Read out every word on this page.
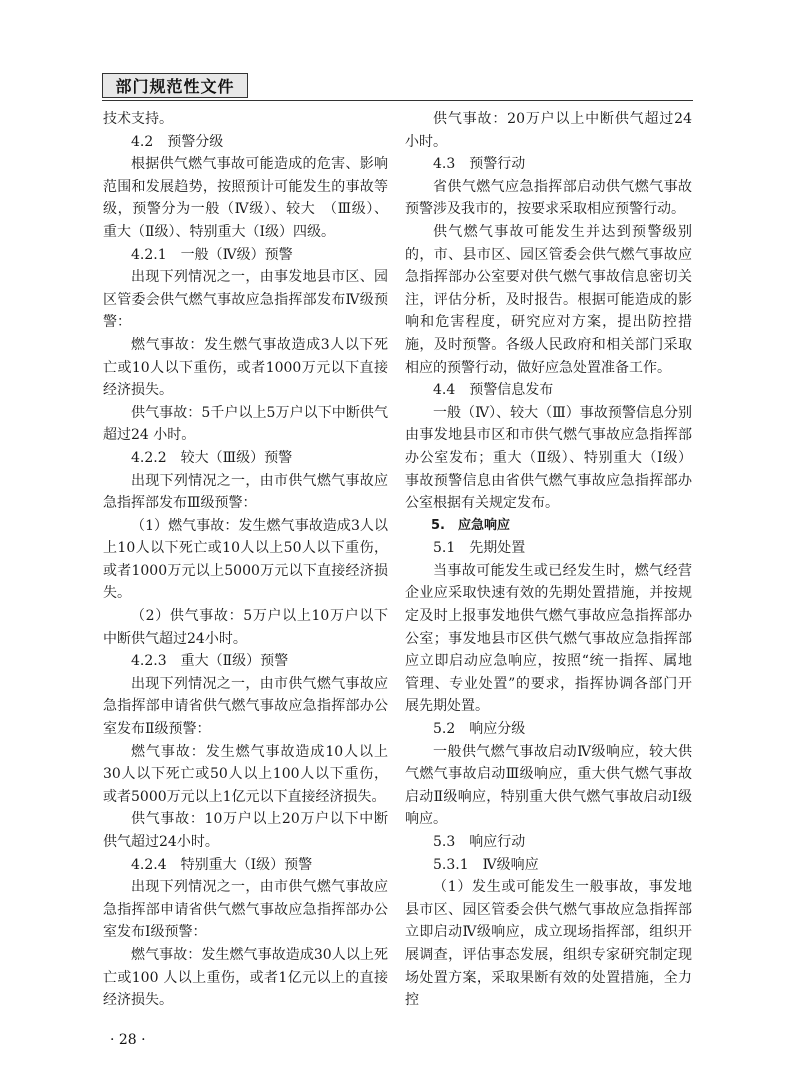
部门规范性文件

技术支持。

4.2　预警分级

根据供气燃气事故可能造成的危害、影响范围和发展趋势，按照预计可能发生的事故等级，预警分为一般（Ⅳ级）、较大　（Ⅲ级）、重大（Ⅱ级）、特别重大（Ⅰ级）四级。

4.2.1　一般（Ⅳ级）预警

出现下列情况之一，由事发地县市区、园区管委会供气燃气事故应急指挥部发布Ⅳ级预警：

燃气事故：发生燃气事故造成3人以下死亡或10人以下重伤，或者1000万元以下直接经济损失。

供气事故：5千户以上5万户以下中断供气超过24 小时。

4.2.2　较大（Ⅲ级）预警

出现下列情况之一，由市供气燃气事故应急指挥部发布Ⅲ级预警：

（1）燃气事故：发生燃气事故造成3人以上10人以下死亡或10人以上50人以下重伤，或者1000万元以上5000万元以下直接经济损失。

（2）供气事故：5万户以上10万户以下中断供气超过24小时。

4.2.3　重大（Ⅱ级）预警

出现下列情况之一，由市供气燃气事故应急指挥部申请省供气燃气事故应急指挥部办公室发布Ⅱ级预警：

燃气事故：发生燃气事故造成10人以上30人以下死亡或50人以上100人以下重伤，或者5000万元以上1亿元以下直接经济损失。

供气事故：10万户以上20万户以下中断供气超过24小时。

4.2.4　特别重大（Ⅰ级）预警

出现下列情况之一，由市供气燃气事故应急指挥部申请省供气燃气事故应急指挥部办公室发布Ⅰ级预警：

燃气事故：发生燃气事故造成30人以上死亡或100 人以上重伤，或者1亿元以上的直接经济损失。

供气事故：20万户以上中断供气超过24小时。

4.3　预警行动

省供气燃气应急指挥部启动供气燃气事故预警涉及我市的，按要求采取相应预警行动。

供气燃气事故可能发生并达到预警级别的，市、县市区、园区管委会供气燃气事故应急指挥部办公室要对供气燃气事故信息密切关注，评估分析，及时报告。根据可能造成的影响和危害程度，研究应对方案，提出防控措施，及时预警。各级人民政府和相关部门采取相应的预警行动，做好应急处置准备工作。

4.4　预警信息发布

一般（Ⅳ）、较大（Ⅲ）事故预警信息分别由事发地县市区和市供气燃气事故应急指挥部办公室发布；重大（Ⅱ级）、特别重大（Ⅰ级）事故预警信息由省供气燃气事故应急指挥部办公室根据有关规定发布。

5.　应急响应

5.1　先期处置

当事故可能发生或已经发生时，燃气经营企业应采取快速有效的先期处置措施，并按规定及时上报事发地供气燃气事故应急指挥部办公室；事发地县市区供气燃气事故应急指挥部应立即启动应急响应，按照“统一指挥、属地管理、专业处置”的要求，指挥协调各部门开展先期处置。

5.2　响应分级

一般供气燃气事故启动Ⅳ级响应，较大供气燃气事故启动Ⅲ级响应，重大供气燃气事故启动Ⅱ级响应，特别重大供气燃气事故启动Ⅰ级响应。

5.3　响应行动

5.3.1　Ⅳ级响应

（1）发生或可能发生一般事故，事发地县市区、园区管委会供气燃气事故应急指挥部立即启动Ⅳ级响应，成立现场指挥部，组织开展调查，评估事态发展，组织专家研究制定现场处置方案，采取果断有效的处置措施，全力控

· 28 ·
